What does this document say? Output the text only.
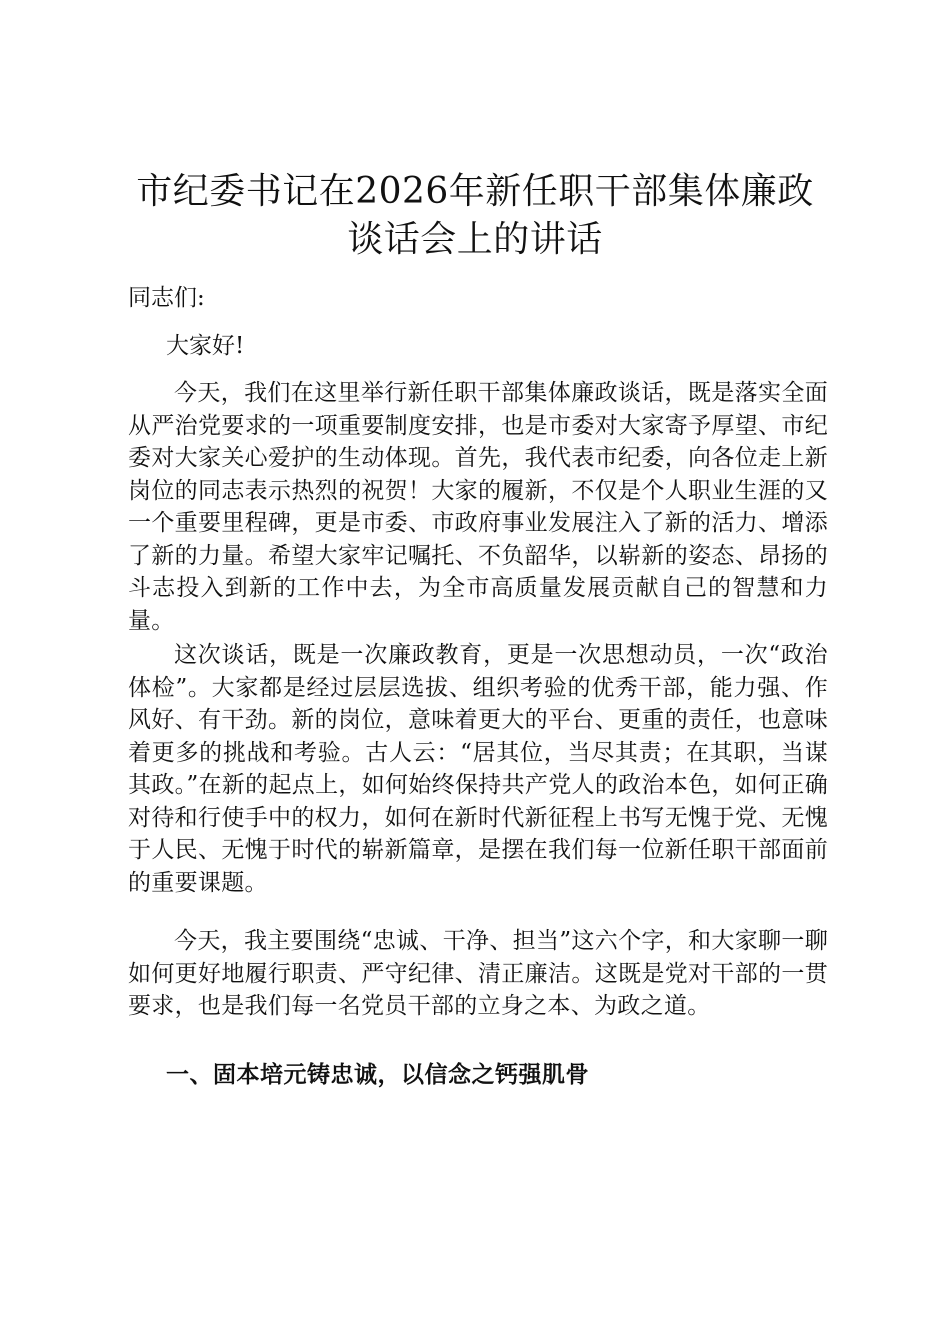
市纪委书记在2026年新任职干部集体廉政谈话会上的讲话

同志们:

大家好!

今天，我们在这里举行新任职干部集体廉政谈话，既是落实全面从严治党要求的一项重要制度安排，也是市委对大家寄予厚望、市纪委对大家关心爱护的生动体现。首先，我代表市纪委，向各位走上新岗位的同志表示热烈的祝贺！大家的履新，不仅是个人职业生涯的又一个重要里程碑，更是市委、市政府事业发展注入了新的活力、增添了新的力量。希望大家牢记嘱托、不负韶华，以崭新的姿态、昂扬的斗志投入到新的工作中去，为全市高质量发展贡献自己的智慧和力量。

这次谈话，既是一次廉政教育，更是一次思想动员，一次“政治体检”。大家都是经过层层选拔、组织考验的优秀干部，能力强、作风好、有干劲。新的岗位，意味着更大的平台、更重的责任，也意味着更多的挑战和考验。古人云：“居其位，当尽其责；在其职，当谋其政。”在新的起点上，如何始终保持共产党人的政治本色，如何正确对待和行使手中的权力，如何在新时代新征程上书写无愧于党、无愧于人民、无愧于时代的崭新篇章，是摆在我们每一位新任职干部面前的重要课题。

今天，我主要围绕“忠诚、干净、担当”这六个字，和大家聊一聊如何更好地履行职责、严守纪律、清正廉洁。这既是党对干部的一贯要求，也是我们每一名党员干部的立身之本、为政之道。

一、固本培元铸忠诚，以信念之钙强肌骨
